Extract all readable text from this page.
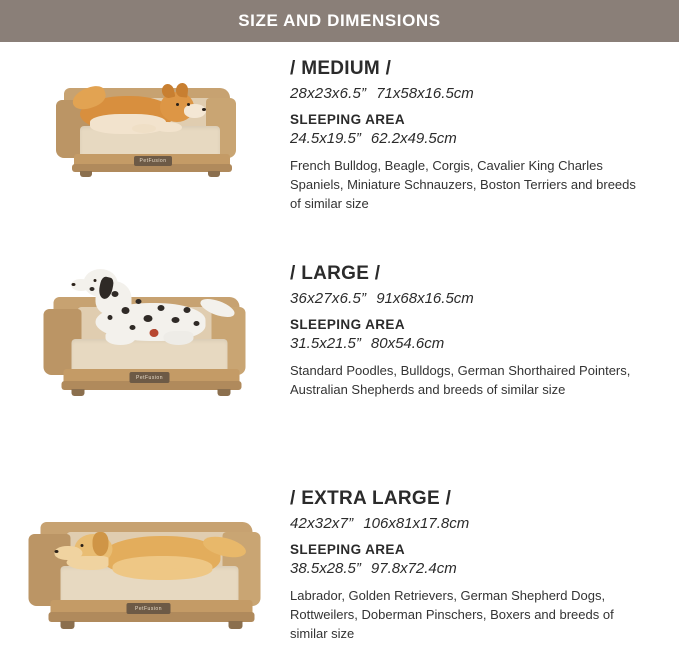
SIZE AND DIMENSIONS
PetFusion
/ MEDIUM /
28x23x6.5” 71x58x16.5cm
SLEEPING AREA
24.5x19.5” 62.2x49.5cm

French Bulldog, Beagle, Corgis, Cavalier King Charles Spaniels, Miniature Schnauzers, Boston Terriers and breeds of similar size

PetFusion
/ LARGE /
36x27x6.5” 91x68x16.5cm
SLEEPING AREA
31.5x21.5” 80x54.6cm

Standard Poodles, Bulldogs, German Shorthaired Pointers, Australian Shepherds and breeds of similar size

PetFusion
/ EXTRA LARGE /
42x32x7” 106x81x17.8cm
SLEEPING AREA
38.5x28.5” 97.8x72.4cm

Labrador, Golden Retrievers, German Shepherd Dogs, Rottweilers, Doberman Pinschers, Boxers and breeds of similar size
